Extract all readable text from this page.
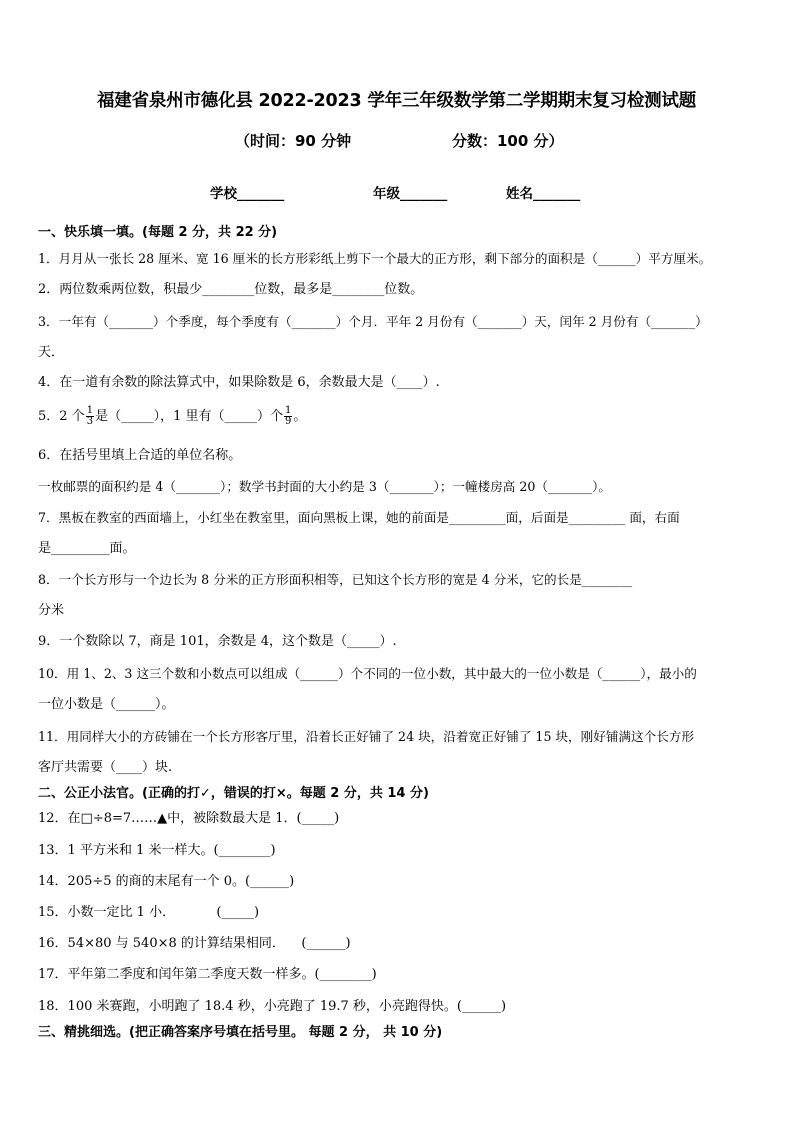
福建省泉州市德化县 2022-2023 学年三年级数学第二学期期末复习检测试题
（时间：90 分钟	分数：100 分）
学校_______	年级_______	姓名_______
一、快乐填一填。(每题 2 分，共 22 分)
1．月月从一张长 28 厘米、宽 16 厘米的长方形彩纸上剪下一个最大的正方形，剩下部分的面积是（______）平方厘米。
2．两位数乘两位数，积最少________位数，最多是________位数。
3．一年有（_______）个季度，每个季度有（_______）个月．平年 2 月份有（_______）天，闰年 2 月份有（_______）
天．
4．在一道有余数的除法算式中，如果除数是 6，余数最大是（____）.
5．2 个 $\frac{1}{3}$ 是（_____），1 里有（_____）个 $\frac{1}{9}$ 。
6．在括号里填上合适的单位名称。
一枚邮票的面积约是 4（_______）；数学书封面的大小约是 3（_______）；一幢楼房高 20（_______）。
7．黑板在教室的西面墙上，小红坐在教室里，面向黑板上课，她的前面是_________面，后面是_________ 面，右面
是_________面。
8．一个长方形与一个边长为 8 分米的正方形面积相等，已知这个长方形的宽是 4 分米，它的长是________
分米
9．一个数除以 7，商是 101，余数是 4，这个数是（_____）.
10．用 1、2、3 这三个数和小数点可以组成（______）个不同的一位小数，其中最大的一位小数是（______），最小的
一位小数是（______）。
11．用同样大小的方砖铺在一个长方形客厅里，沿着长正好铺了 24 块，沿着宽正好铺了 15 块，刚好铺满这个长方形
客厅共需要（____）块.
二、公正小法官。(正确的打✓，错误的打×。每题 2 分，共 14 分)
12．在□÷8=7……▲中，被除数最大是 1．(_____)
13．1 平方米和 1 米一样大。(________)
14．205÷5 的商的末尾有一个 0。(______)
15．小数一定比 1 小．          (_____)
16．54×80 与 540×8 的计算结果相同．    (______)
17．平年第二季度和闰年第二季度天数一样多。(________)
18．100 米赛跑，小明跑了 18.4 秒，小亮跑了 19.7 秒，小亮跑得快。(______)
三、精挑细选。(把正确答案序号填在括号里。 每题 2 分， 共 10 分)
